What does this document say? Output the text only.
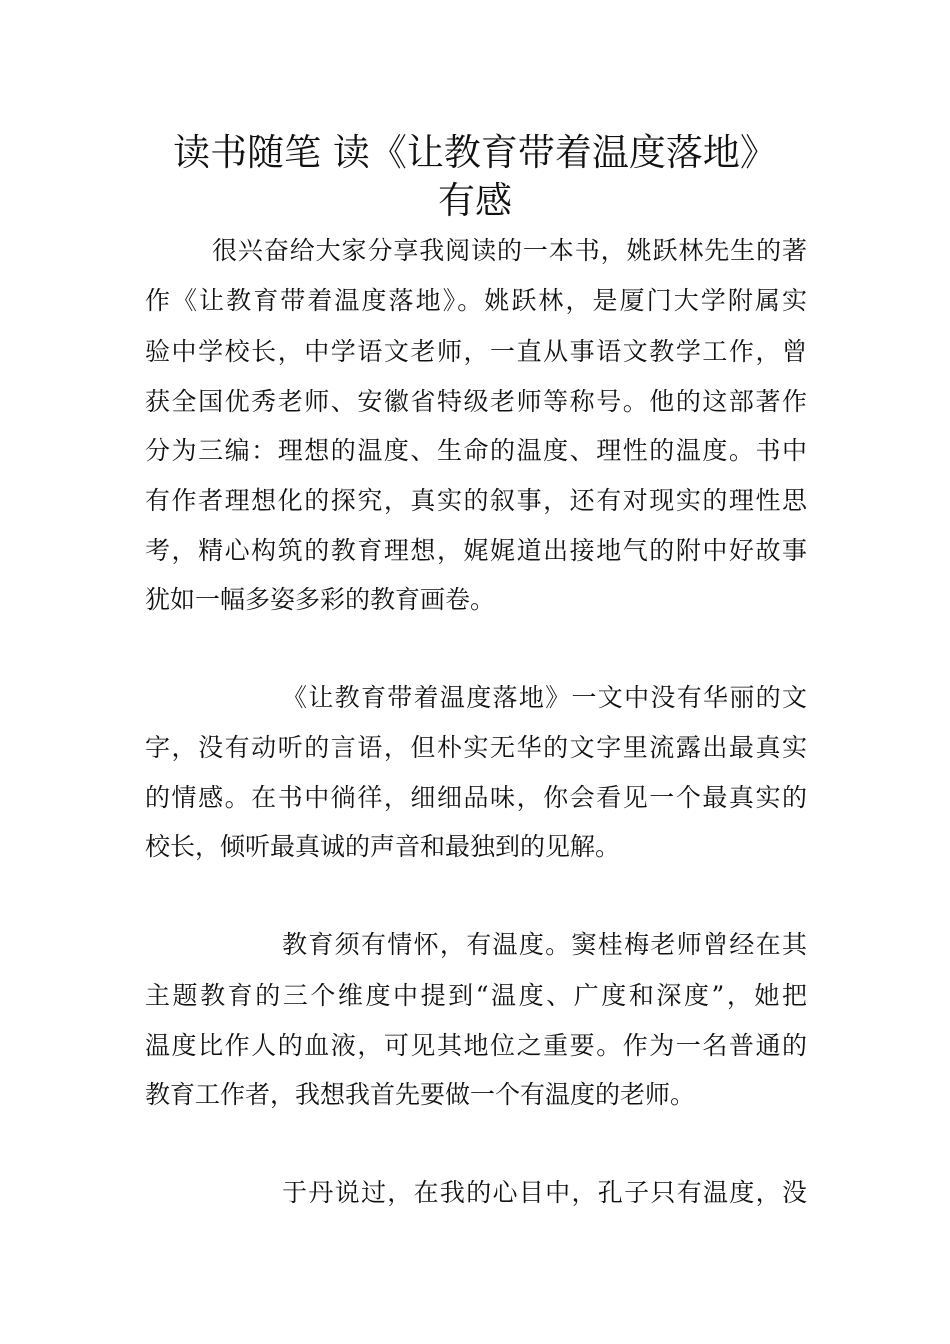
读书随笔 读《让教育带着温度落地》
有感
很兴奋给大家分享我阅读的一本书，姚跃林先生的著
作《让教育带着温度落地》。姚跃林，是厦门大学附属实
验中学校长，中学语文老师，一直从事语文教学工作，曾
获全国优秀老师、安徽省特级老师等称号。他的这部著作
分为三编：理想的温度、生命的温度、理性的温度。书中
有作者理想化的探究，真实的叙事，还有对现实的理性思
考，精心构筑的教育理想，娓娓道出接地气的附中好故事
犹如一幅多姿多彩的教育画卷。
《让教育带着温度落地》一文中没有华丽的文
字，没有动听的言语，但朴实无华的文字里流露出最真实
的情感。在书中徜徉，细细品味，你会看见一个最真实的
校长，倾听最真诚的声音和最独到的见解。
教育须有情怀，有温度。窦桂梅老师曾经在其
主题教育的三个维度中提到“温度、广度和深度”，她把
温度比作人的血液，可见其地位之重要。作为一名普通的
教育工作者，我想我首先要做一个有温度的老师。
于丹说过，在我的心目中，孔子只有温度，没
